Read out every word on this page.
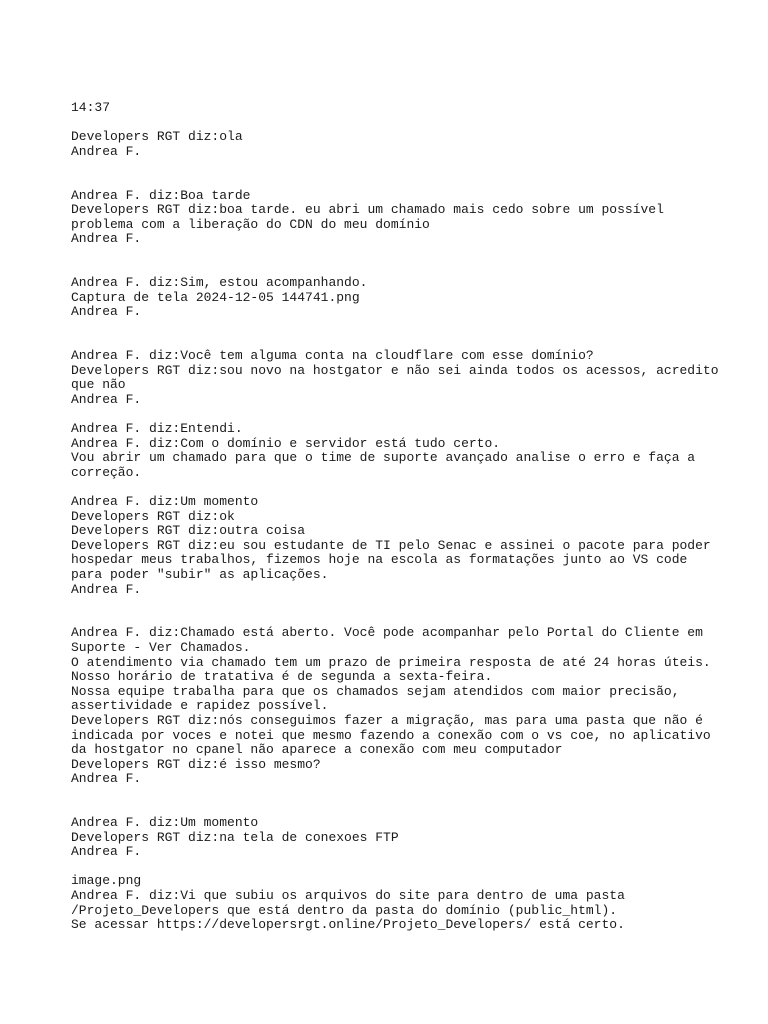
14:37
Developers RGT diz:ola
Andrea F.
Andrea F. diz:Boa tarde
Developers RGT diz:boa tarde. eu abri um chamado mais cedo sobre um possível
problema com a liberação do CDN do meu domínio
Andrea F.
Andrea F. diz:Sim, estou acompanhando.
Captura de tela 2024-12-05 144741.png
Andrea F.
Andrea F. diz:Você tem alguma conta na cloudflare com esse domínio?
Developers RGT diz:sou novo na hostgator e não sei ainda todos os acessos, acredito
que não
Andrea F.
Andrea F. diz:Entendi.
Andrea F. diz:Com o domínio e servidor está tudo certo.
Vou abrir um chamado para que o time de suporte avançado analise o erro e faça a
correção.
Andrea F. diz:Um momento
Developers RGT diz:ok
Developers RGT diz:outra coisa
Developers RGT diz:eu sou estudante de TI pelo Senac e assinei o pacote para poder
hospedar meus trabalhos, fizemos hoje na escola as formatações junto ao VS code
para poder "subir" as aplicações.
Andrea F.
Andrea F. diz:Chamado está aberto. Você pode acompanhar pelo Portal do Cliente em
Suporte - Ver Chamados.
O atendimento via chamado tem um prazo de primeira resposta de até 24 horas úteis.
Nosso horário de tratativa é de segunda a sexta-feira.
Nossa equipe trabalha para que os chamados sejam atendidos com maior precisão,
assertividade e rapidez possível.
Developers RGT diz:nós conseguimos fazer a migração, mas para uma pasta que não é
indicada por voces e notei que mesmo fazendo a conexão com o vs coe, no aplicativo
da hostgator no cpanel não aparece a conexão com meu computador
Developers RGT diz:é isso mesmo?
Andrea F.
Andrea F. diz:Um momento
Developers RGT diz:na tela de conexoes FTP
Andrea F.
image.png
Andrea F. diz:Vi que subiu os arquivos do site para dentro de uma pasta
/Projeto_Developers que está dentro da pasta do domínio (public_html).
Se acessar https://developersrgt.online/Projeto_Developers/ está certo.
